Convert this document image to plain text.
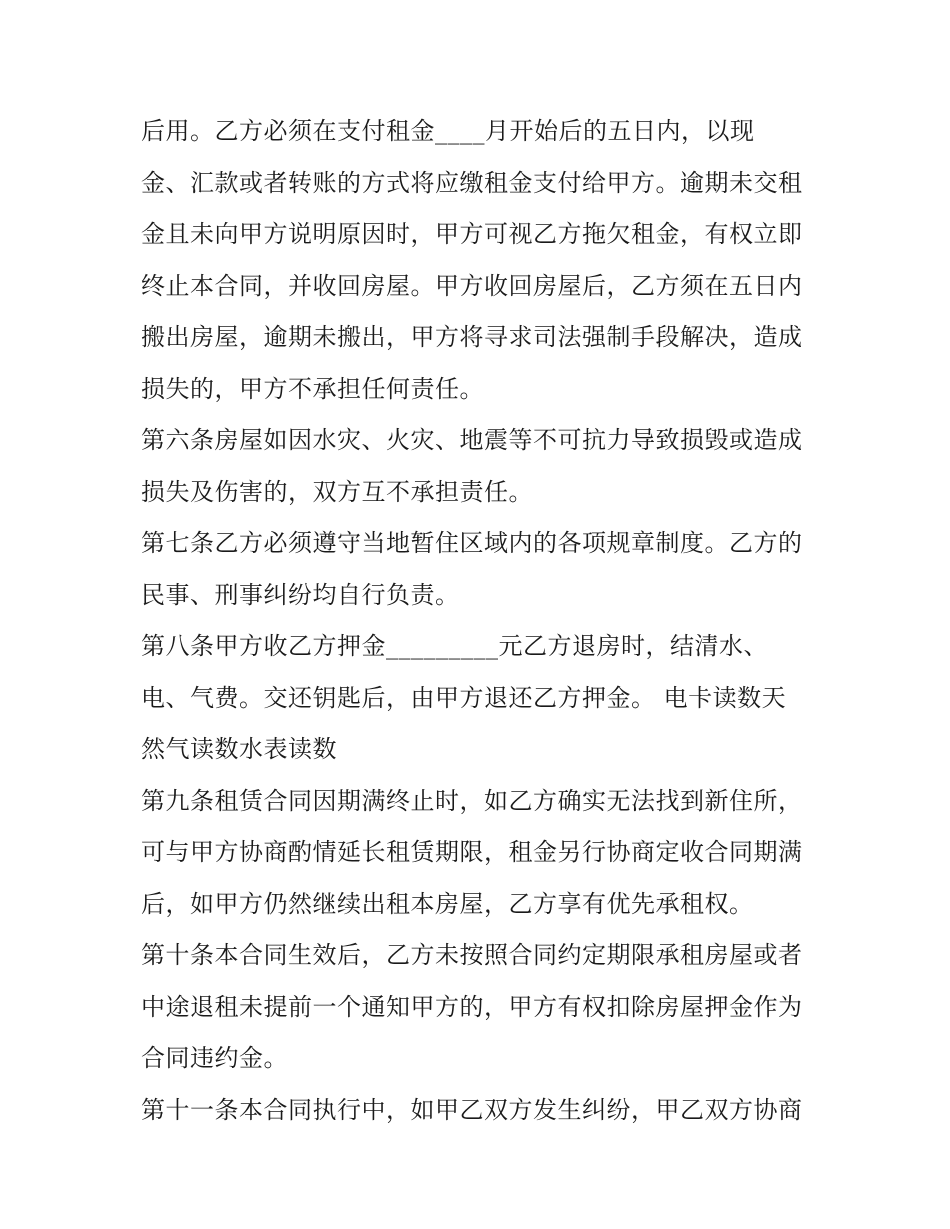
后用。乙方必须在支付租金____月开始后的五日内，以现
金、汇款或者转账的方式将应缴租金支付给甲方。逾期未交租
金且未向甲方说明原因时，甲方可视乙方拖欠租金，有权立即
终止本合同，并收回房屋。甲方收回房屋后，乙方须在五日内
搬出房屋，逾期未搬出，甲方将寻求司法强制手段解决，造成
损失的，甲方不承担任何责任。
第六条房屋如因水灾、火灾、地震等不可抗力导致损毁或造成
损失及伤害的，双方互不承担责任。
第七条乙方必须遵守当地暂住区域内的各项规章制度。乙方的
民事、刑事纠纷均自行负责。
第八条甲方收乙方押金_________元乙方退房时，结清水、
电、气费。交还钥匙后，由甲方退还乙方押金。 电卡读数天
然气读数水表读数
第九条租赁合同因期满终止时，如乙方确实无法找到新住所，
可与甲方协商酌情延长租赁期限，租金另行协商定收合同期满
后，如甲方仍然继续出租本房屋，乙方享有优先承租权。
第十条本合同生效后，乙方未按照合同约定期限承租房屋或者
中途退租未提前一个通知甲方的，甲方有权扣除房屋押金作为
合同违约金。
第十一条本合同执行中，如甲乙双方发生纠纷，甲乙双方协商
